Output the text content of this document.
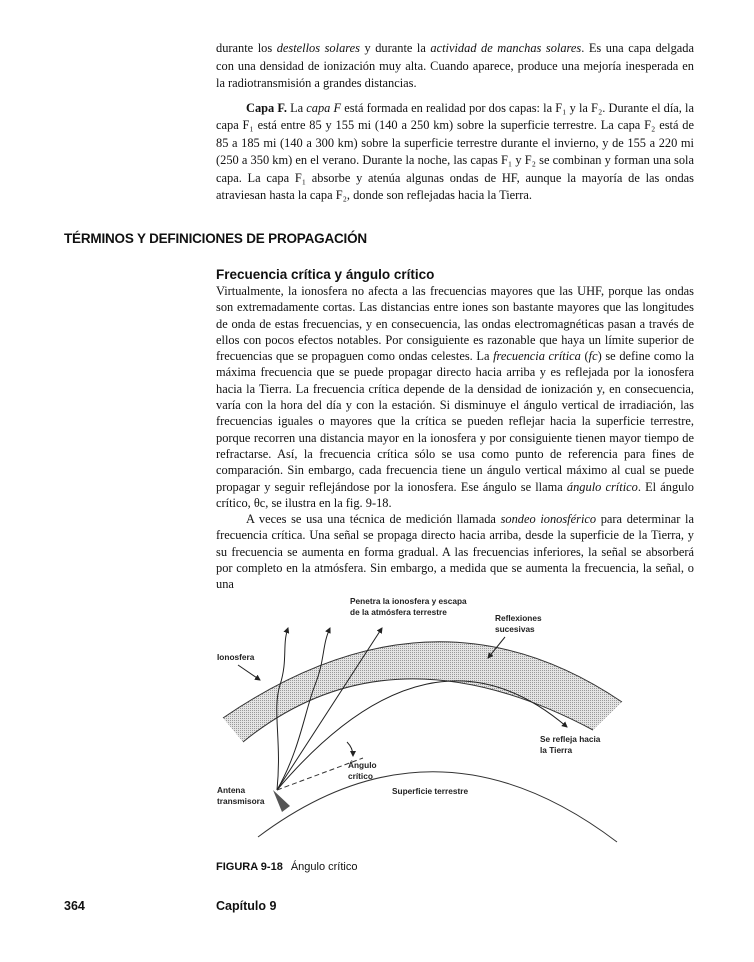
durante los destellos solares y durante la actividad de manchas solares. Es una capa delgada con una densidad de ionización muy alta. Cuando aparece, produce una mejoría inesperada en la radiotransmisión a grandes distancias.

Capa F. La capa F está formada en realidad por dos capas: la F₁ y la F₂. Durante el día, la capa F₁ está entre 85 y 155 mi (140 a 250 km) sobre la superficie terrestre. La capa F₂ está de 85 a 185 mi (140 a 300 km) sobre la superficie terrestre durante el invierno, y de 155 a 220 mi (250 a 350 km) en el verano. Durante la noche, las capas F₁ y F₂ se combinan y forman una sola capa. La capa F₁ absorbe y atenúa algunas ondas de HF, aunque la mayoría de las ondas atraviesan hasta la capa F₂, donde son reflejadas hacia la Tierra.

TÉRMINOS Y DEFINICIONES DE PROPAGACIÓN
Frecuencia crítica y ángulo crítico

Virtualmente, la ionosfera no afecta a las frecuencias mayores que las UHF, porque las ondas son extremadamente cortas. Las distancias entre iones son bastante mayores que las longitudes de onda de estas frecuencias, y en consecuencia, las ondas electromagnéticas pasan a través de ellos con pocos efectos notables. Por consiguiente es razonable que haya un límite superior de frecuencias que se propaguen como ondas celestes. La frecuencia crítica (fc) se define como la máxima frecuencia que se puede propagar directo hacia arriba y es reflejada por la ionosfera hacia la Tierra. La frecuencia crítica depende de la densidad de ionización y, en consecuencia, varía con la hora del día y con la estación. Si disminuye el ángulo vertical de irradiación, las frecuencias iguales o mayores que la crítica se pueden reflejar hacia la superficie terrestre, porque recorren una distancia mayor en la ionosfera y por consiguiente tienen mayor tiempo de refractarse. Así, la frecuencia crítica sólo se usa como punto de referencia para fines de comparación. Sin embargo, cada frecuencia tiene un ángulo vertical máximo al cual se puede propagar y seguir reflejándose por la ionosfera. Ese ángulo se llama ángulo crítico. El ángulo crítico, θc, se ilustra en la fig. 9-18.

A veces se usa una técnica de medición llamada sondeo ionosférico para determinar la frecuencia crítica. Una señal se propaga directo hacia arriba, desde la superficie de la Tierra, y su frecuencia se aumenta en forma gradual. A las frecuencias inferiores, la señal se absorberá por completo en la atmósfera. Sin embargo, a medida que se aumenta la frecuencia, la señal, o una

Penetra la ionosfera y escapa
de la atmósfera terrestre
Reflexiones
sucesivas
Ionosfera
Se refleja hacia
la Tierra
Ángulo
crítico
Antena
transmisora
Superficie terrestre
FIGURA 9-18 Ángulo crítico
364	Capítulo 9
